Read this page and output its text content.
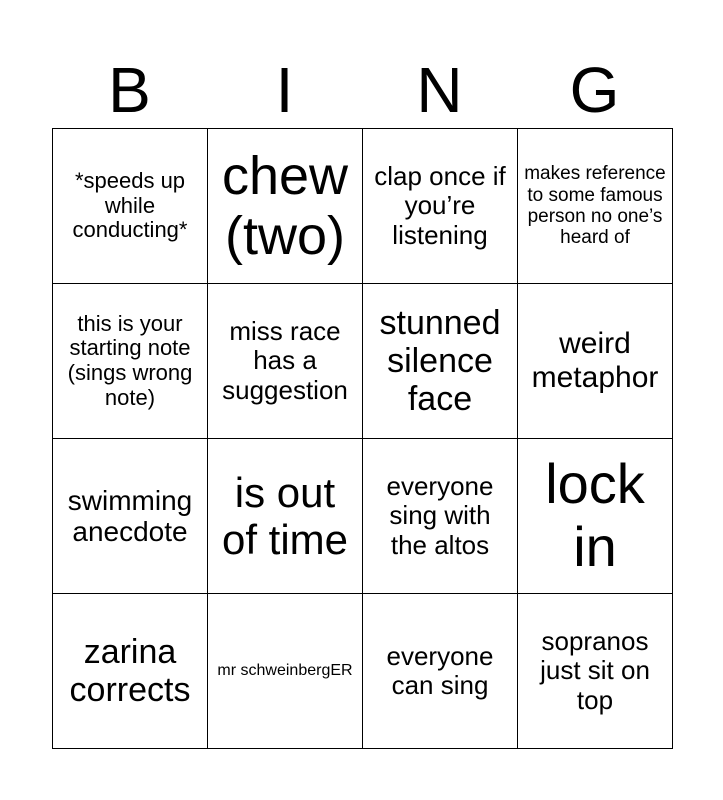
B	I	N	G
*speeds up while conducting*	chew (two)	clap once if you’re listening	makes reference to some famous person no one’s heard of
this is your starting note (sings wrong note)	miss race has a suggestion	stunned silence face	weird metaphor
swimming anecdote	is out of time	everyone sing with the altos	lock in
zarina corrects	mr schweinbergER	everyone can sing	sopranos just sit on top
